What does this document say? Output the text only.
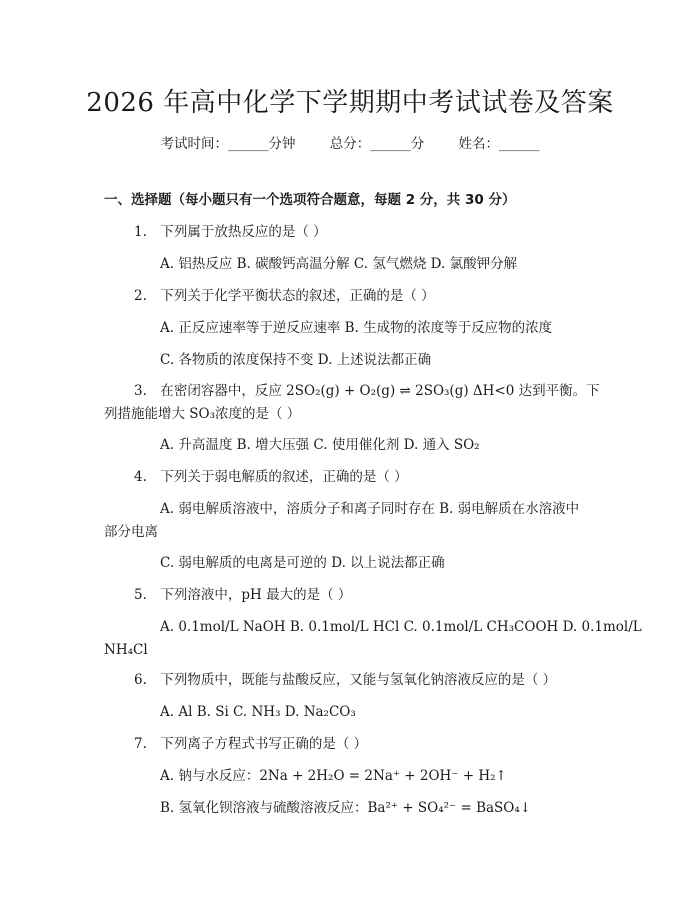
2026 年高中化学下学期期中考试试卷及答案
考试时间：______分钟	总分：______分	姓名：______
一、选择题（每小题只有一个选项符合题意，每题 2 分，共 30 分）
1.　下列属于放热反应的是（ ）
A. 铝热反应 B. 碳酸钙高温分解 C. 氢气燃烧 D. 氯酸钾分解
2.　下列关于化学平衡状态的叙述，正确的是（ ）
A. 正反应速率等于逆反应速率 B. 生成物的浓度等于反应物的浓度
C. 各物质的浓度保持不变 D. 上述说法都正确
3.　在密闭容器中，反应 2SO₂(g) + O₂(g) ⇌ 2SO₃(g) ΔH<0 达到平衡。下
列措施能增大 SO₃浓度的是（ ）
A. 升高温度 B. 增大压强 C. 使用催化剂 D. 通入 SO₂
4.　下列关于弱电解质的叙述，正确的是（ ）
A. 弱电解质溶液中，溶质分子和离子同时存在 B. 弱电解质在水溶液中
部分电离
C. 弱电解质的电离是可逆的 D. 以上说法都正确
5.　下列溶液中，pH 最大的是（ ）
A. 0.1mol/L NaOH B. 0.1mol/L HCl C. 0.1mol/L CH₃COOH D. 0.1mol/L
NH₄Cl
6.　下列物质中，既能与盐酸反应，又能与氢氧化钠溶液反应的是（ ）
A. Al B. Si C. NH₃ D. Na₂CO₃
7.　下列离子方程式书写正确的是（ ）
A. 钠与水反应：2Na + 2H₂O = 2Na⁺ + 2OH⁻ + H₂↑
B. 氢氧化钡溶液与硫酸溶液反应：Ba²⁺ + SO₄²⁻ = BaSO₄↓
